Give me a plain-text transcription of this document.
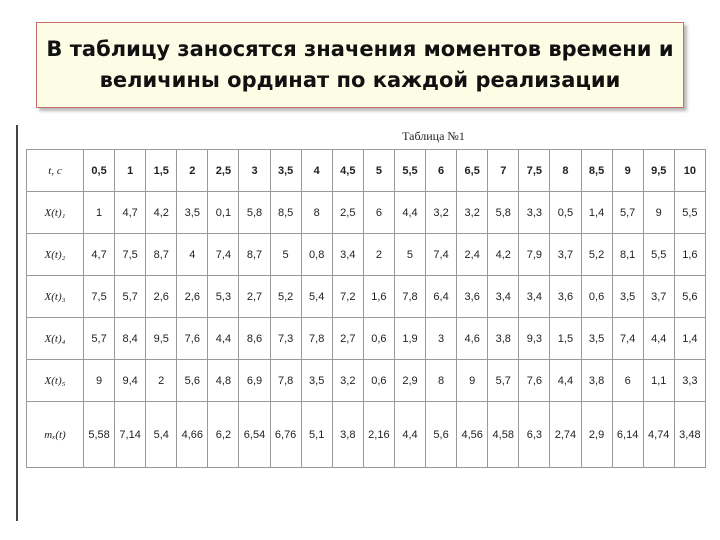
В таблицу заносятся значения моментов времени и
величины ординат по каждой реализации
Таблица №1
t, c	0,5	1	1,5	2	2,5	3	3,5	4	4,5	5	5,5	6	6,5	7	7,5	8	8,5	9	9,5	10
X(t)₁	1	4,7	4,2	3,5	0,1	5,8	8,5	8	2,5	6	4,4	3,2	3,2	5,8	3,3	0,5	1,4	5,7	9	5,5
X(t)₂	4,7	7,5	8,7	4	7,4	8,7	5	0,8	3,4	2	5	7,4	2,4	4,2	7,9	3,7	5,2	8,1	5,5	1,6
X(t)₃	7,5	5,7	2,6	2,6	5,3	2,7	5,2	5,4	7,2	1,6	7,8	6,4	3,6	3,4	3,4	3,6	0,6	3,5	3,7	5,6
X(t)₄	5,7	8,4	9,5	7,6	4,4	8,6	7,3	7,8	2,7	0,6	1,9	3	4,6	3,8	9,3	1,5	3,5	7,4	4,4	1,4
X(t)₅	9	9,4	2	5,6	4,8	6,9	7,8	3,5	3,2	0,6	2,9	8	9	5,7	7,6	4,4	3,8	6	1,1	3,3
mₓ(t)	5,58	7,14	5,4	4,66	6,2	6,54	6,76	5,1	3,8	2,16	4,4	5,6	4,56	4,58	6,3	2,74	2,9	6,14	4,74	3,48
